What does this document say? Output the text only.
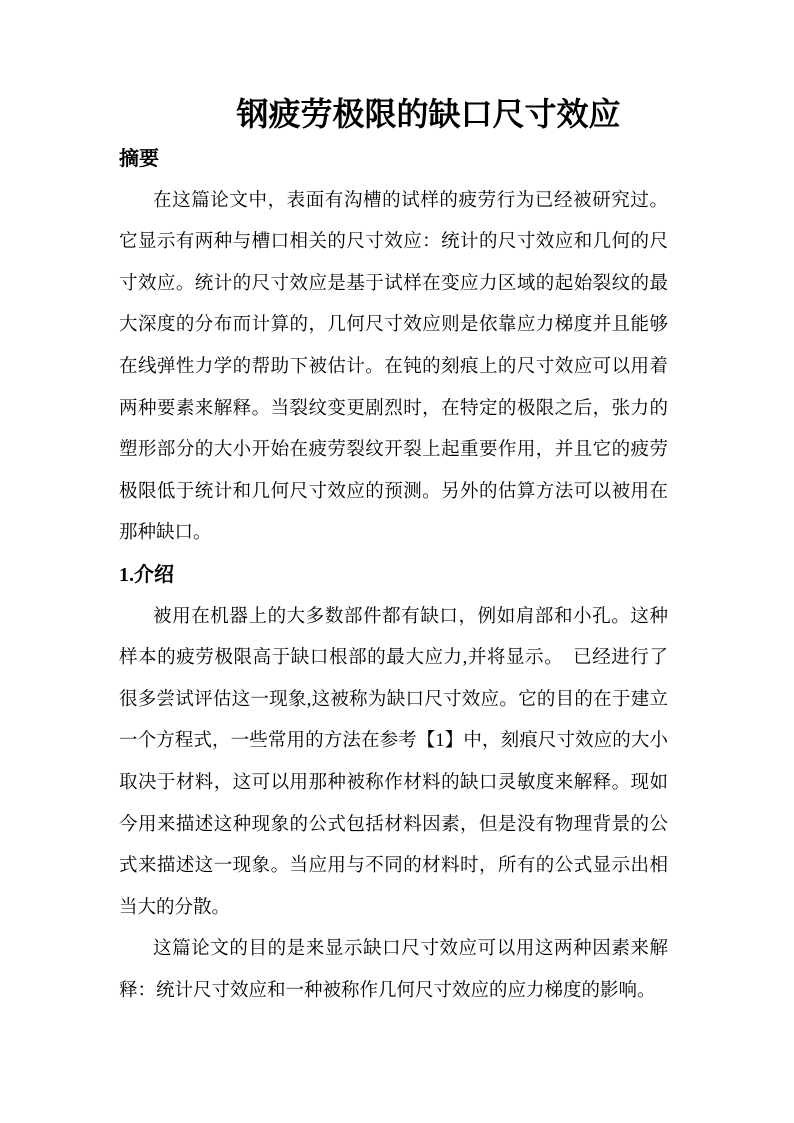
钢疲劳极限的缺口尺寸效应
摘要
在这篇论文中，表面有沟槽的试样的疲劳行为已经被研究过。
它显示有两种与槽口相关的尺寸效应：统计的尺寸效应和几何的尺
寸效应。统计的尺寸效应是基于试样在变应力区域的起始裂纹的最
大深度的分布而计算的，几何尺寸效应则是依靠应力梯度并且能够
在线弹性力学的帮助下被估计。在钝的刻痕上的尺寸效应可以用着
两种要素来解释。当裂纹变更剧烈时，在特定的极限之后，张力的
塑形部分的大小开始在疲劳裂纹开裂上起重要作用，并且它的疲劳
极限低于统计和几何尺寸效应的预测。另外的估算方法可以被用在
那种缺口。
1.介绍
被用在机器上的大多数部件都有缺口，例如肩部和小孔。这种
样本的疲劳极限高于缺口根部的最大应力,并将显示。　已经进行了
很多尝试评估这一现象,这被称为缺口尺寸效应。它的目的在于建立
一个方程式，一些常用的方法在参考【1】中，刻痕尺寸效应的大小
取决于材料，这可以用那种被称作材料的缺口灵敏度来解释。现如
今用来描述这种现象的公式包括材料因素，但是没有物理背景的公
式来描述这一现象。当应用与不同的材料时，所有的公式显示出相
当大的分散。
这篇论文的目的是来显示缺口尺寸效应可以用这两种因素来解
释：统计尺寸效应和一种被称作几何尺寸效应的应力梯度的影响。
